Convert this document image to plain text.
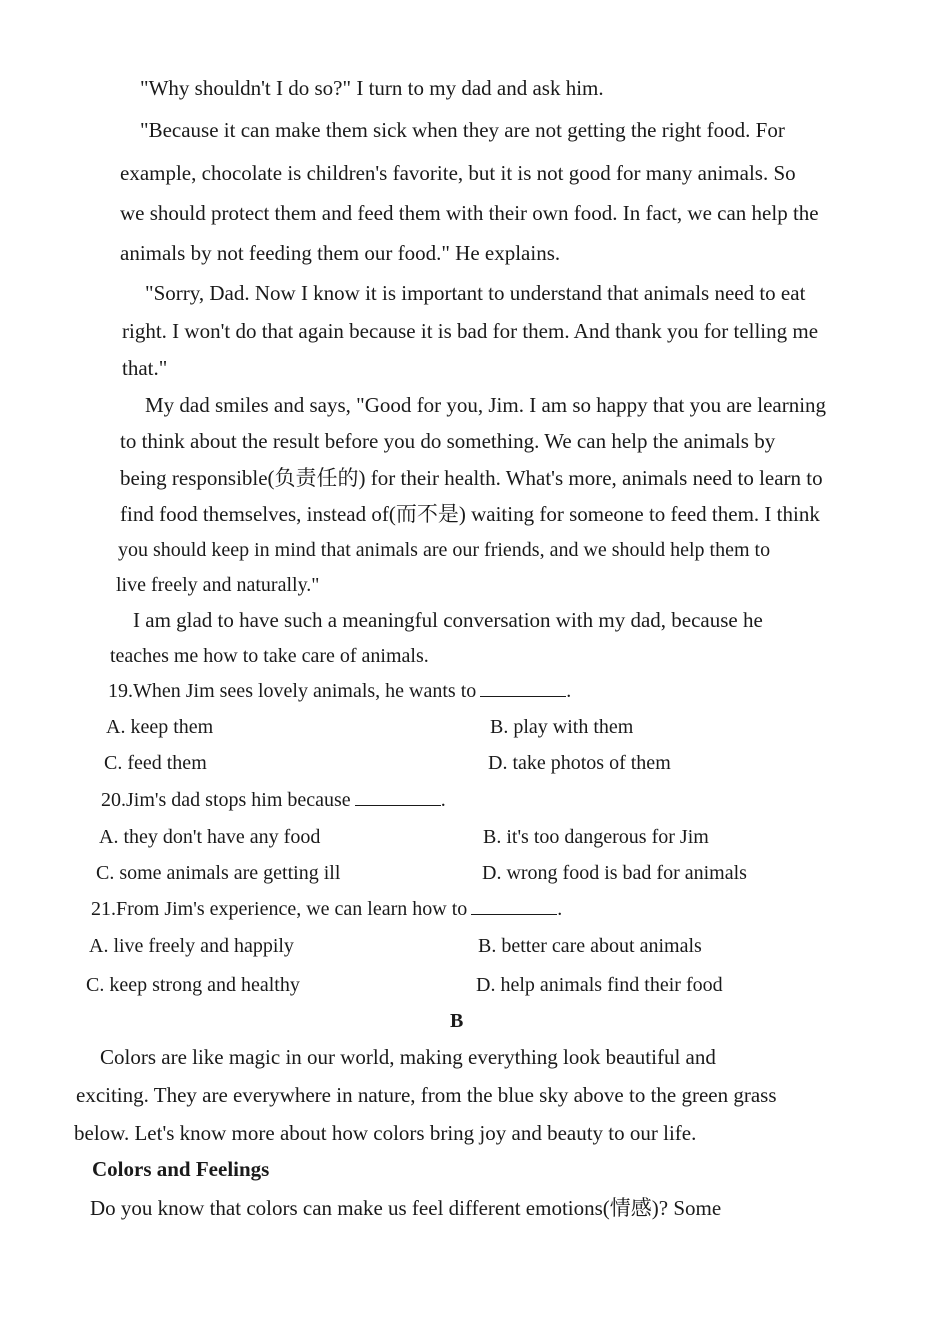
"Why shouldn't I do so?" I turn to my dad and ask him.
"Because it can make them sick when they are not getting the right food. For
example, chocolate is children's favorite, but it is not good for many animals. So
we should protect them and feed them with their own food. In fact, we can help the
animals by not feeding them our food." He explains.
"Sorry, Dad. Now I know it is important to understand that animals need to eat
right. I won't do that again because it is bad for them. And thank you for telling me
that."
My dad smiles and says, "Good for you, Jim. I am so happy that you are learning
to think about the result before you do something. We can help the animals by
being responsible(负责任的) for their health. What's more, animals need to learn to
find food themselves, instead of(而不是) waiting for someone to feed them. I think
you should keep in mind that animals are our friends, and we should help them to
live freely and naturally."
I am glad to have such a meaningful conversation with my dad, because he
teaches me how to take care of animals.
19.When Jim sees lovely animals, he wants to	.
A. keep them	B. play with them
C. feed them	D. take photos of them
20.Jim's dad stops him because	.
A. they don't have any food	B. it's too dangerous for Jim
C. some animals are getting ill	D. wrong food is bad for animals
21.From Jim's experience, we can learn how to	.
A. live freely and happily	B. better care about animals
C. keep strong and healthy	D. help animals find their food
B
Colors are like magic in our world, making everything look beautiful and
exciting. They are everywhere in nature, from the blue sky above to the green grass
below. Let's know more about how colors bring joy and beauty to our life.
Colors and Feelings
Do you know that colors can make us feel different emotions(情感)? Some
